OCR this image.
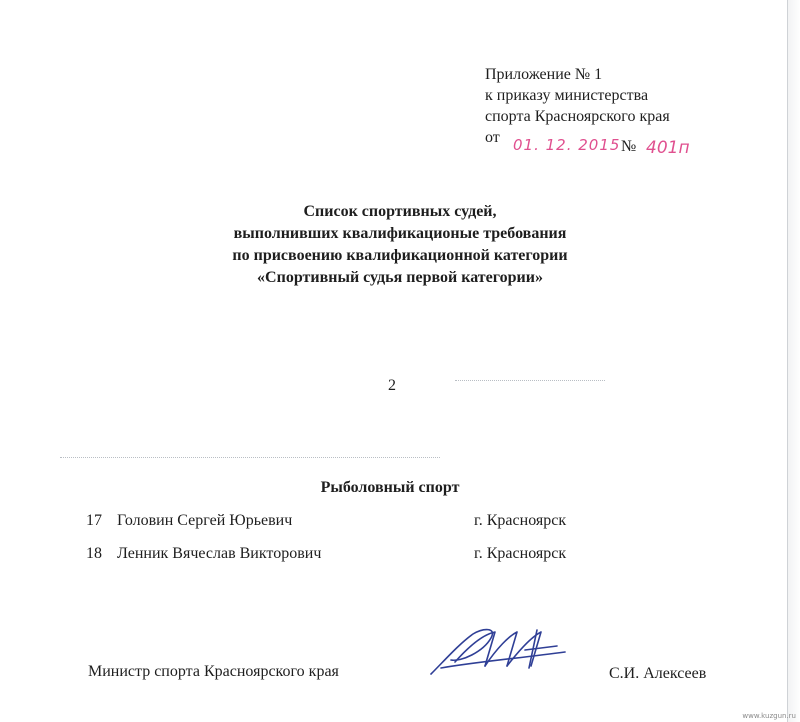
Приложение № 1
к приказу министерства
спорта Красноярского края
от 01. 12. 2015 № 401п
Список спортивных судей,
выполнивших квалификационые требования
по присвоению квалификационной категории
«Спортивный судья первой категории»
2
Рыболовный спорт
17 Головин Сергей Юрьевич	г. Красноярск
18 Ленник Вячеслав Викторович	г. Красноярск
Министр спорта Красноярского края	С.И. Алексеев
www.kuzgun.ru
